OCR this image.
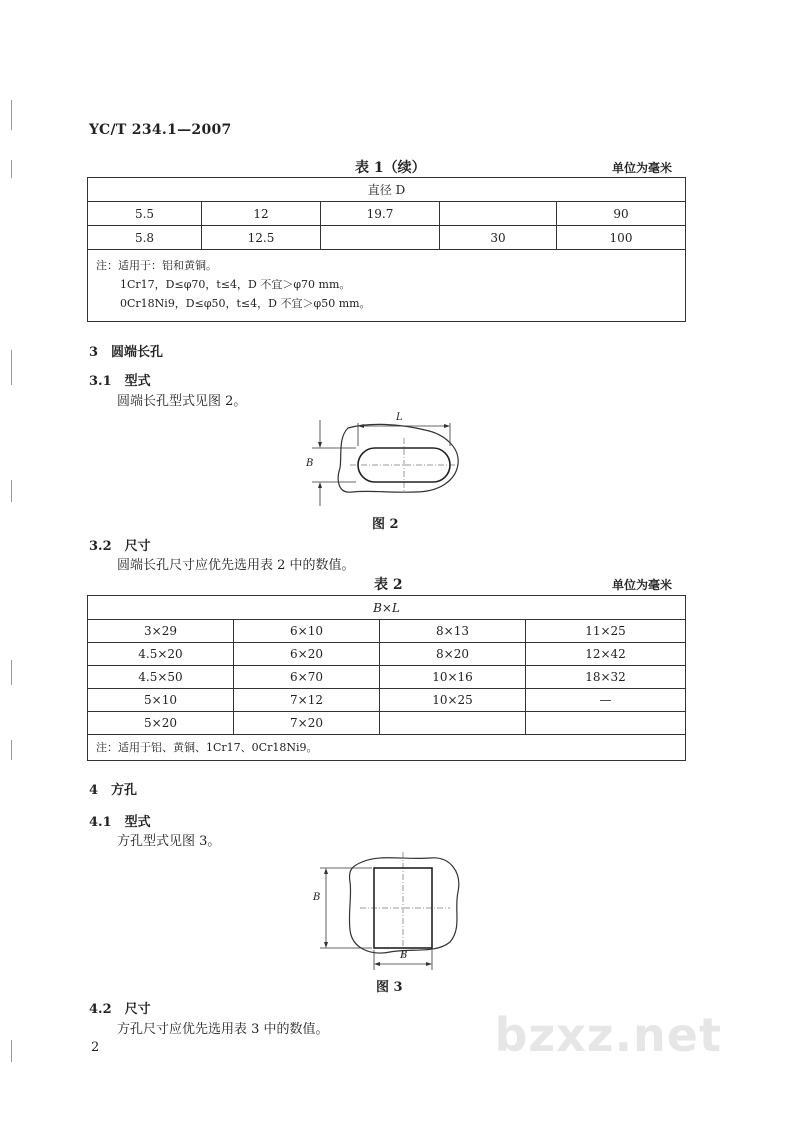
YC/T 234.1—2007
表 1（续）	单位为毫米
直径 D				
5.5	12	19.7		90
5.8	12.5		30	100

注：适用于：铝和黄铜。
1Cr17，D≤φ70，t≤4，D 不宜＞φ70 mm。
0Cr18Ni9，D≤φ50，t≤4，D 不宜＞φ50 mm。				
3　圆端长孔
3.1　型式
圆端长孔型式见图 2。
L
B
图 2
3.2　尺寸
圆端长孔尺寸应优先选用表 2 中的数值。
表 2	单位为毫米
B×L			
3×29	6×10	8×13	11×25
4.5×20	6×20	8×20	12×42
4.5×50	6×70	10×16	18×32
5×10	7×12	10×25	—
5×20	7×20		
注：适用于铝、黄铜、1Cr17、0Cr18Ni9。			
4　方孔
4.1　型式
方孔型式见图 3。
B
B
图 3
4.2　尺寸
方孔尺寸应优先选用表 3 中的数值。
2	bzxz.net
